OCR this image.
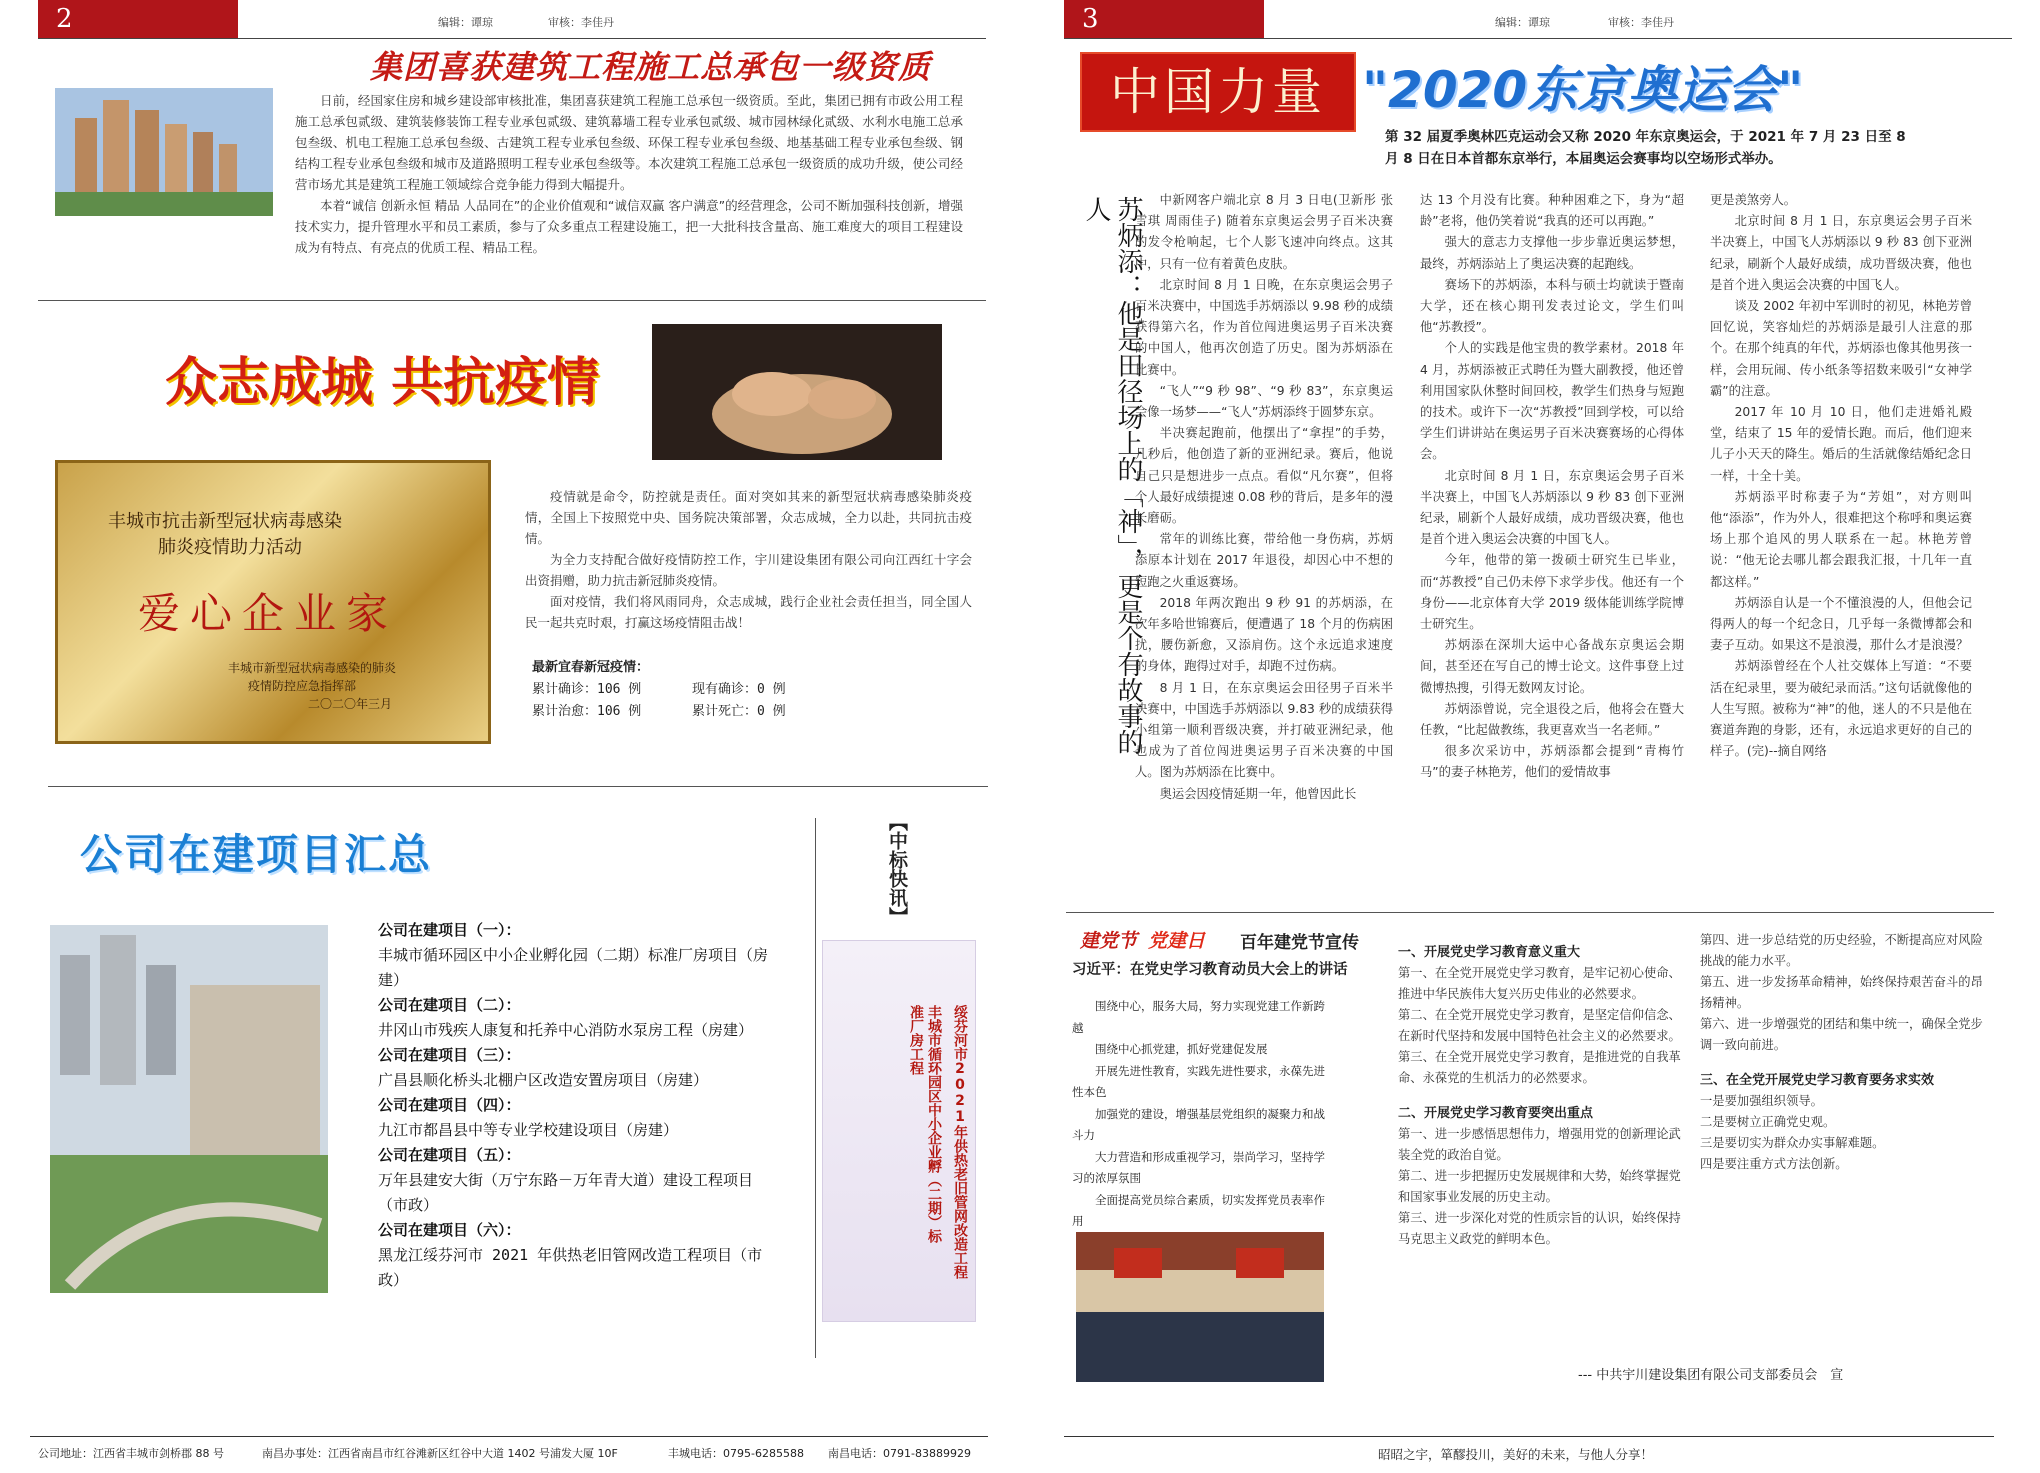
2	编辑：谭琼	审核：李佳丹
集团喜获建筑工程施工总承包一级资质

日前，经国家住房和城乡建设部审核批准，集团喜获建筑工程施工总承包一级资质。至此，集团已拥有市政公用工程施工总承包贰级、建筑装修装饰工程专业承包贰级、建筑幕墙工程专业承包贰级、城市园林绿化贰级、水利水电施工总承包叁级、机电工程施工总承包叁级、古建筑工程专业承包叁级、环保工程专业承包叁级、地基基础工程专业承包叁级、钢结构工程专业承包叁级和城市及道路照明工程专业承包叁级等。本次建筑工程施工总承包一级资质的成功升级，使公司经营市场尤其是建筑工程施工领域综合竞争能力得到大幅提升。

本着“诚信 创新永恒 精品 人品同在”的企业价值观和“诚信双赢 客户满意”的经营理念，公司不断加强科技创新，增强技术实力，提升管理水平和员工素质，参与了众多重点工程建设施工，把一大批科技含量高、施工难度大的项目工程建设成为有特点、有亮点的优质工程、精品工程。

众志成城 共抗疫情
丰城市抗击新型冠状病毒感染
肺炎疫情助力活动
爱心企业家
丰城市新型冠状病毒感染的肺炎
疫情防控应急指挥部
二〇二〇年三月

疫情就是命令，防控就是责任。面对突如其来的新型冠状病毒感染肺炎疫情，全国上下按照党中央、国务院决策部署，众志成城，全力以赴，共同抗击疫情。

为全力支持配合做好疫情防控工作，宇川建设集团有限公司向江西红十字会出资捐赠，助力抗击新冠肺炎疫情。

面对疫情，我们将风雨同舟，众志成城，践行企业社会责任担当，同全国人民一起共克时艰，打赢这场疫情阻击战！

最新宜春新冠疫情：
累计确诊：106 例	现有确诊：0 例
累计治愈：106 例	累计死亡：0 例
公司在建项目汇总
公司在建项目（一）：
丰城市循环园区中小企业孵化园（二期）标准厂房项目（房建）
公司在建项目（二）：
井冈山市残疾人康复和托养中心消防水泵房工程（房建）
公司在建项目（三）：
广昌县顺化桥头北棚户区改造安置房项目（房建）
公司在建项目（四）：
九江市都昌县中等专业学校建设项目（房建）
公司在建项目（五）：
万年县建安大街（万宁东路－万年青大道）建设工程项目 （市政）
公司在建项目（六）：
黑龙江绥芬河市 2021 年供热老旧管网改造工程项目（市政）
【中标快讯】
绥芬河市2021年供热老旧管网改造工程
丰城市循环园区中小企业孵（二期）标准厂房工程
公司地址：江西省丰城市剑桥郡 88 号	南昌办事处：江西省南昌市红谷滩新区红谷中大道 1402 号浦发大厦 10F	丰城电话：0795-6285588 南昌电话：0791-83889929
3	编辑：谭琼	审核：李佳丹
中国力量 "2020东京奥运会"
第 32 届夏季奥林匹克运动会又称 2020 年东京奥运会，于 2021 年 7 月 23 日至 8 月 8 日在日本首都东京举行，本届奥运会赛事均以空场形式举办。
苏炳添：他是田径场上的「神」，更是个有故事的人	中新网客户端北京 8 月 3 日电(卫新彤 张雪琪 周雨佳子) 随着东京奥运会男子百米决赛的发令枪响起，七个人影飞速冲向终点。这其中，只有一位有着黄色皮肤。

北京时间 8 月 1 日晚，在东京奥运会男子百米决赛中，中国选手苏炳添以 9.98 秒的成绩获得第六名，作为首位闯进奥运男子百米决赛的中国人，他再次创造了历史。图为苏炳添在比赛中。

“飞人”“9 秒 98”、“9 秒 83”，东京奥运会像一场梦——“飞人”苏炳添终于圆梦东京。

半决赛起跑前，他摆出了“拿捏”的手势，几秒后，他创造了新的亚洲纪录。赛后，他说自己只是想进步一点点。看似“凡尔赛”，但将个人最好成绩提速 0.08 秒的背后，是多年的漫长磨砺。

常年的训练比赛，带给他一身伤病，苏炳添原本计划在 2017 年退役，却因心中不想的短跑之火重返赛场。

2018 年两次跑出 9 秒 91 的苏炳添，在次年多哈世锦赛后，便遭遇了 18 个月的伤病困扰，腰伤新愈，又添肩伤。这个永远追求速度的身体，跑得过对手，却跑不过伤病。

8 月 1 日，在东京奥运会田径男子百米半决赛中，中国选手苏炳添以 9.83 秒的成绩获得小组第一顺利晋级决赛，并打破亚洲纪录，他也成为了首位闯进奥运男子百米决赛的中国人。图为苏炳添在比赛中。

奥运会因疫情延期一年，他曾因此长

达 13 个月没有比赛。种种困难之下，身为“超龄”老将，他仍笑着说“我真的还可以再跑。”

强大的意志力支撑他一步步靠近奥运梦想，最终，苏炳添站上了奥运决赛的起跑线。

赛场下的苏炳添，本科与硕士均就读于暨南大学，还在核心期刊发表过论文，学生们叫他“苏教授”。

个人的实践是他宝贵的教学素材。2018 年 4 月，苏炳添被正式聘任为暨大副教授，他还曾利用国家队休整时间回校，教学生们热身与短跑的技术。或许下一次“苏教授”回到学校，可以给学生们讲讲站在奥运男子百米决赛赛场的心得体会。

北京时间 8 月 1 日，东京奥运会男子百米半决赛上，中国飞人苏炳添以 9 秒 83 创下亚洲纪录，刷新个人最好成绩，成功晋级决赛，他也是首个进入奥运会决赛的中国飞人。

今年，他带的第一拨硕士研究生已毕业，而“苏教授”自己仍未停下求学步伐。他还有一个身份——北京体育大学 2019 级体能训练学院博士研究生。

苏炳添在深圳大运中心备战东京奥运会期间，甚至还在写自己的博士论文。这件事登上过微博热搜，引得无数网友讨论。

苏炳添曾说，完全退役之后，他将会在暨大任教，“比起做教练，我更喜欢当一名老师。”

很多次采访中，苏炳添都会提到“青梅竹马”的妻子林艳芳，他们的爱情故事

更是羡煞旁人。

北京时间 8 月 1 日，东京奥运会男子百米半决赛上，中国飞人苏炳添以 9 秒 83 创下亚洲纪录，刷新个人最好成绩，成功晋级决赛，他也是首个进入奥运会决赛的中国飞人。

谈及 2002 年初中军训时的初见，林艳芳曾回忆说，笑容灿烂的苏炳添是最引人注意的那个。在那个纯真的年代，苏炳添也像其他男孩一样，会用玩闹、传小纸条等招数来吸引“女神学霸”的注意。

2017 年 10 月 10 日，他们走进婚礼殿堂，结束了 15 年的爱情长跑。而后，他们迎来儿子小天天的降生。婚后的生活就像结婚纪念日一样，十全十美。

苏炳添平时称妻子为“芳姐”，对方则叫他“添添”，作为外人，很难把这个称呼和奥运赛场上那个追风的男人联系在一起。林艳芳曾说：“他无论去哪儿都会跟我汇报，十几年一直都这样。”

苏炳添自认是一个不懂浪漫的人，但他会记得两人的每一个纪念日，几乎每一条微博都会和妻子互动。如果这不是浪漫，那什么才是浪漫？

苏炳添曾经在个人社交媒体上写道：“不要活在纪录里，要为破纪录而活。”这句话就像他的人生写照。被称为“神”的他，迷人的不只是他在赛道奔跑的身影，还有，永远追求更好的自己的样子。(完)--摘自网络

建党节 党建日 百年建党节宣传
习近平：在党史学习教育动员大会上的讲话
围绕中心，服务大局，努力实现党建工作新跨越
围绕中心抓党建，抓好党建促发展
开展先进性教育，实践先进性要求，永葆先进性本色
加强党的建设，增强基层党组织的凝聚力和战斗力
大力营造和形成重视学习，崇尚学习，坚持学习的浓厚氛围
全面提高党员综合素质，切实发挥党员表率作用
一、开展党史学习教育意义重大
第一、在全党开展党史学习教育，是牢记初心使命、推进中华民族伟大复兴历史伟业的必然要求。
第二、在全党开展党史学习教育，是坚定信仰信念、在新时代坚持和发展中国特色社会主义的必然要求。
第三、在全党开展党史学习教育，是推进党的自我革命、永葆党的生机活力的必然要求。
二、开展党史学习教育要突出重点
第一、进一步感悟思想伟力，增强用党的创新理论武装全党的政治自觉。
第二、进一步把握历史发展规律和大势，始终掌握党和国家事业发展的历史主动。
第三、进一步深化对党的性质宗旨的认识，始终保持马克思主义政党的鲜明本色。
第四、进一步总结党的历史经验，不断提高应对风险挑战的能力水平。
第五、进一步发扬革命精神，始终保持艰苦奋斗的昂扬精神。
第六、进一步增强党的团结和集中统一，确保全党步调一致向前进。
三、在全党开展党史学习教育要务求实效
一是要加强组织领导。
二是要树立正确党史观。
三是要切实为群众办实事解难题。
四是要注重方式方法创新。
--- 中共宇川建设集团有限公司支部委员会　宣
昭昭之宇，箪醪投川，美好的未来，与他人分享！
